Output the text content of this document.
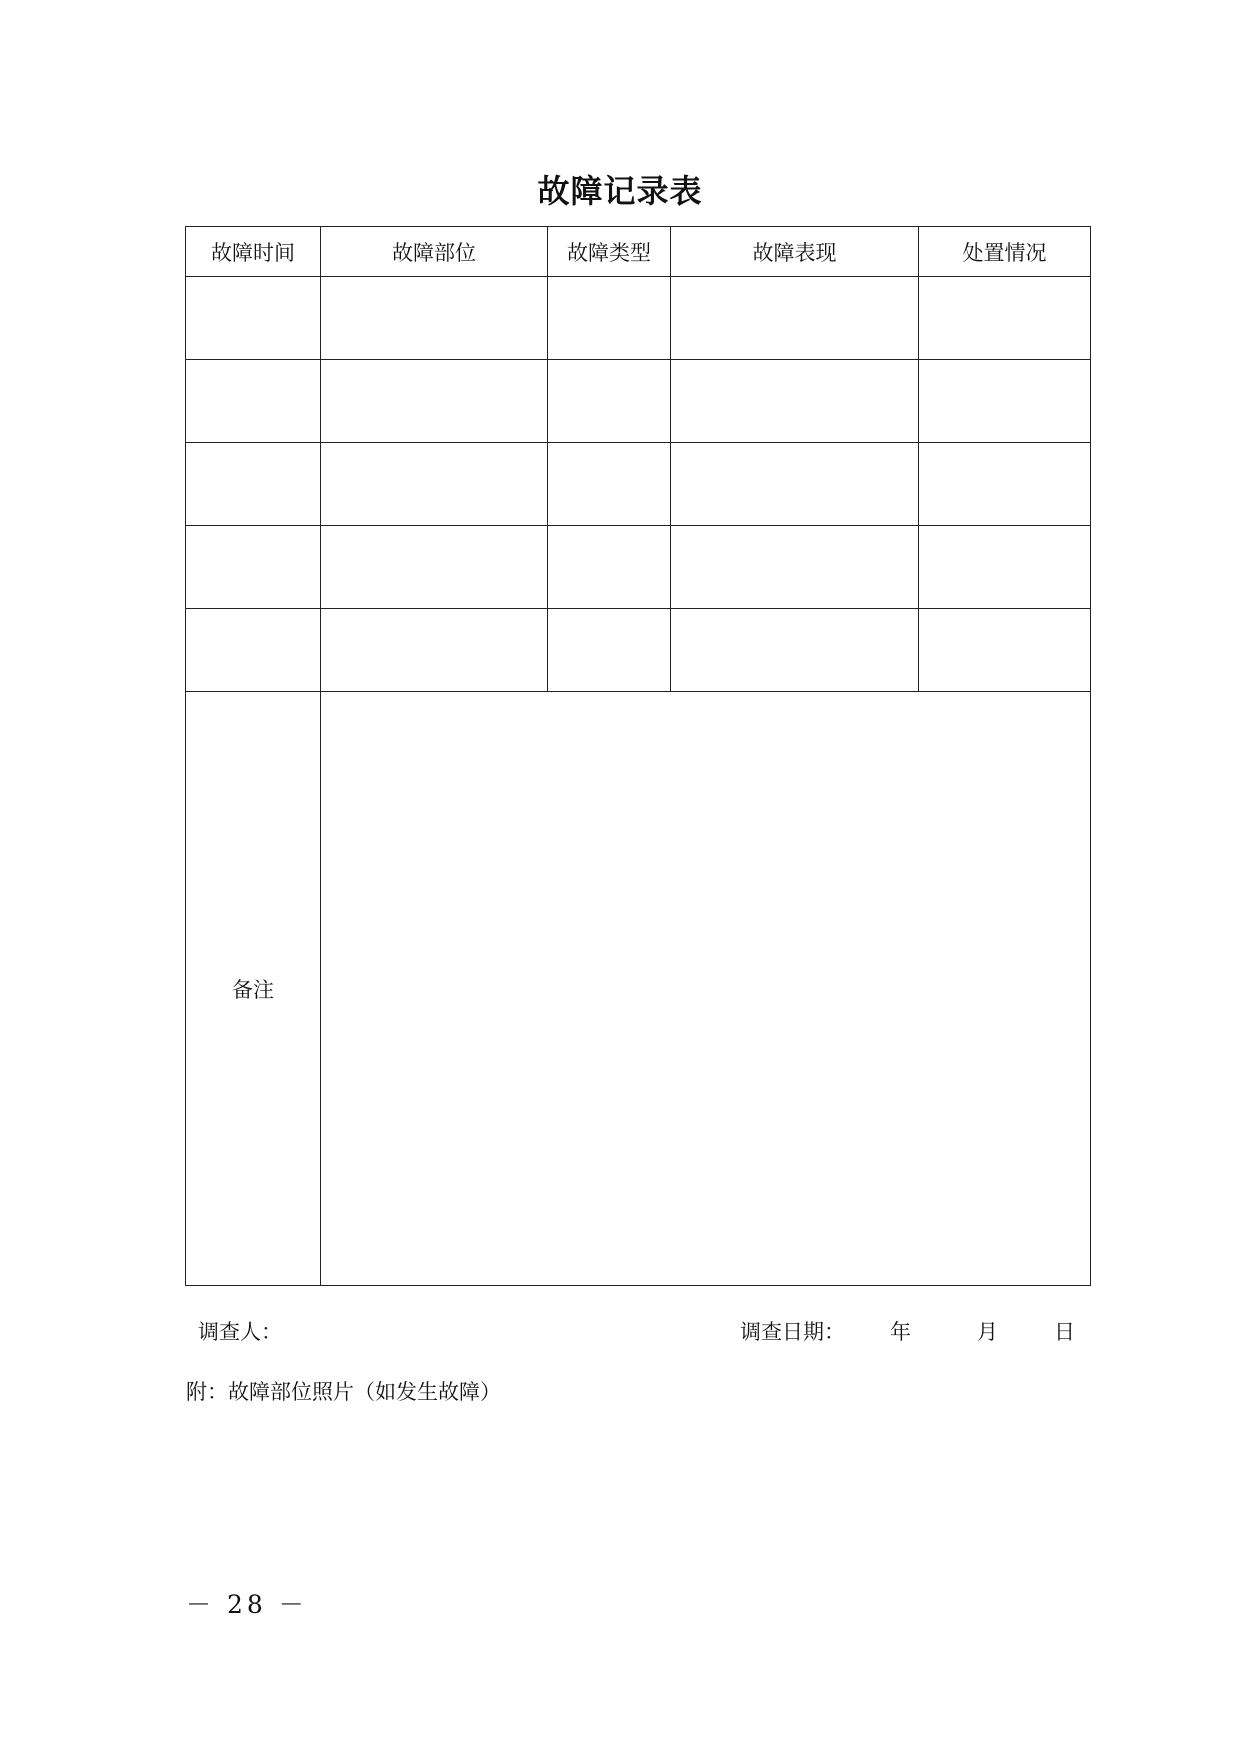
故障记录表
故障时间	故障部位	故障类型	故障表现	处置情况

备注				
调查人：	调查日期： 年	月	日
附：故障部位照片（如发生故障）
－ 28 －
